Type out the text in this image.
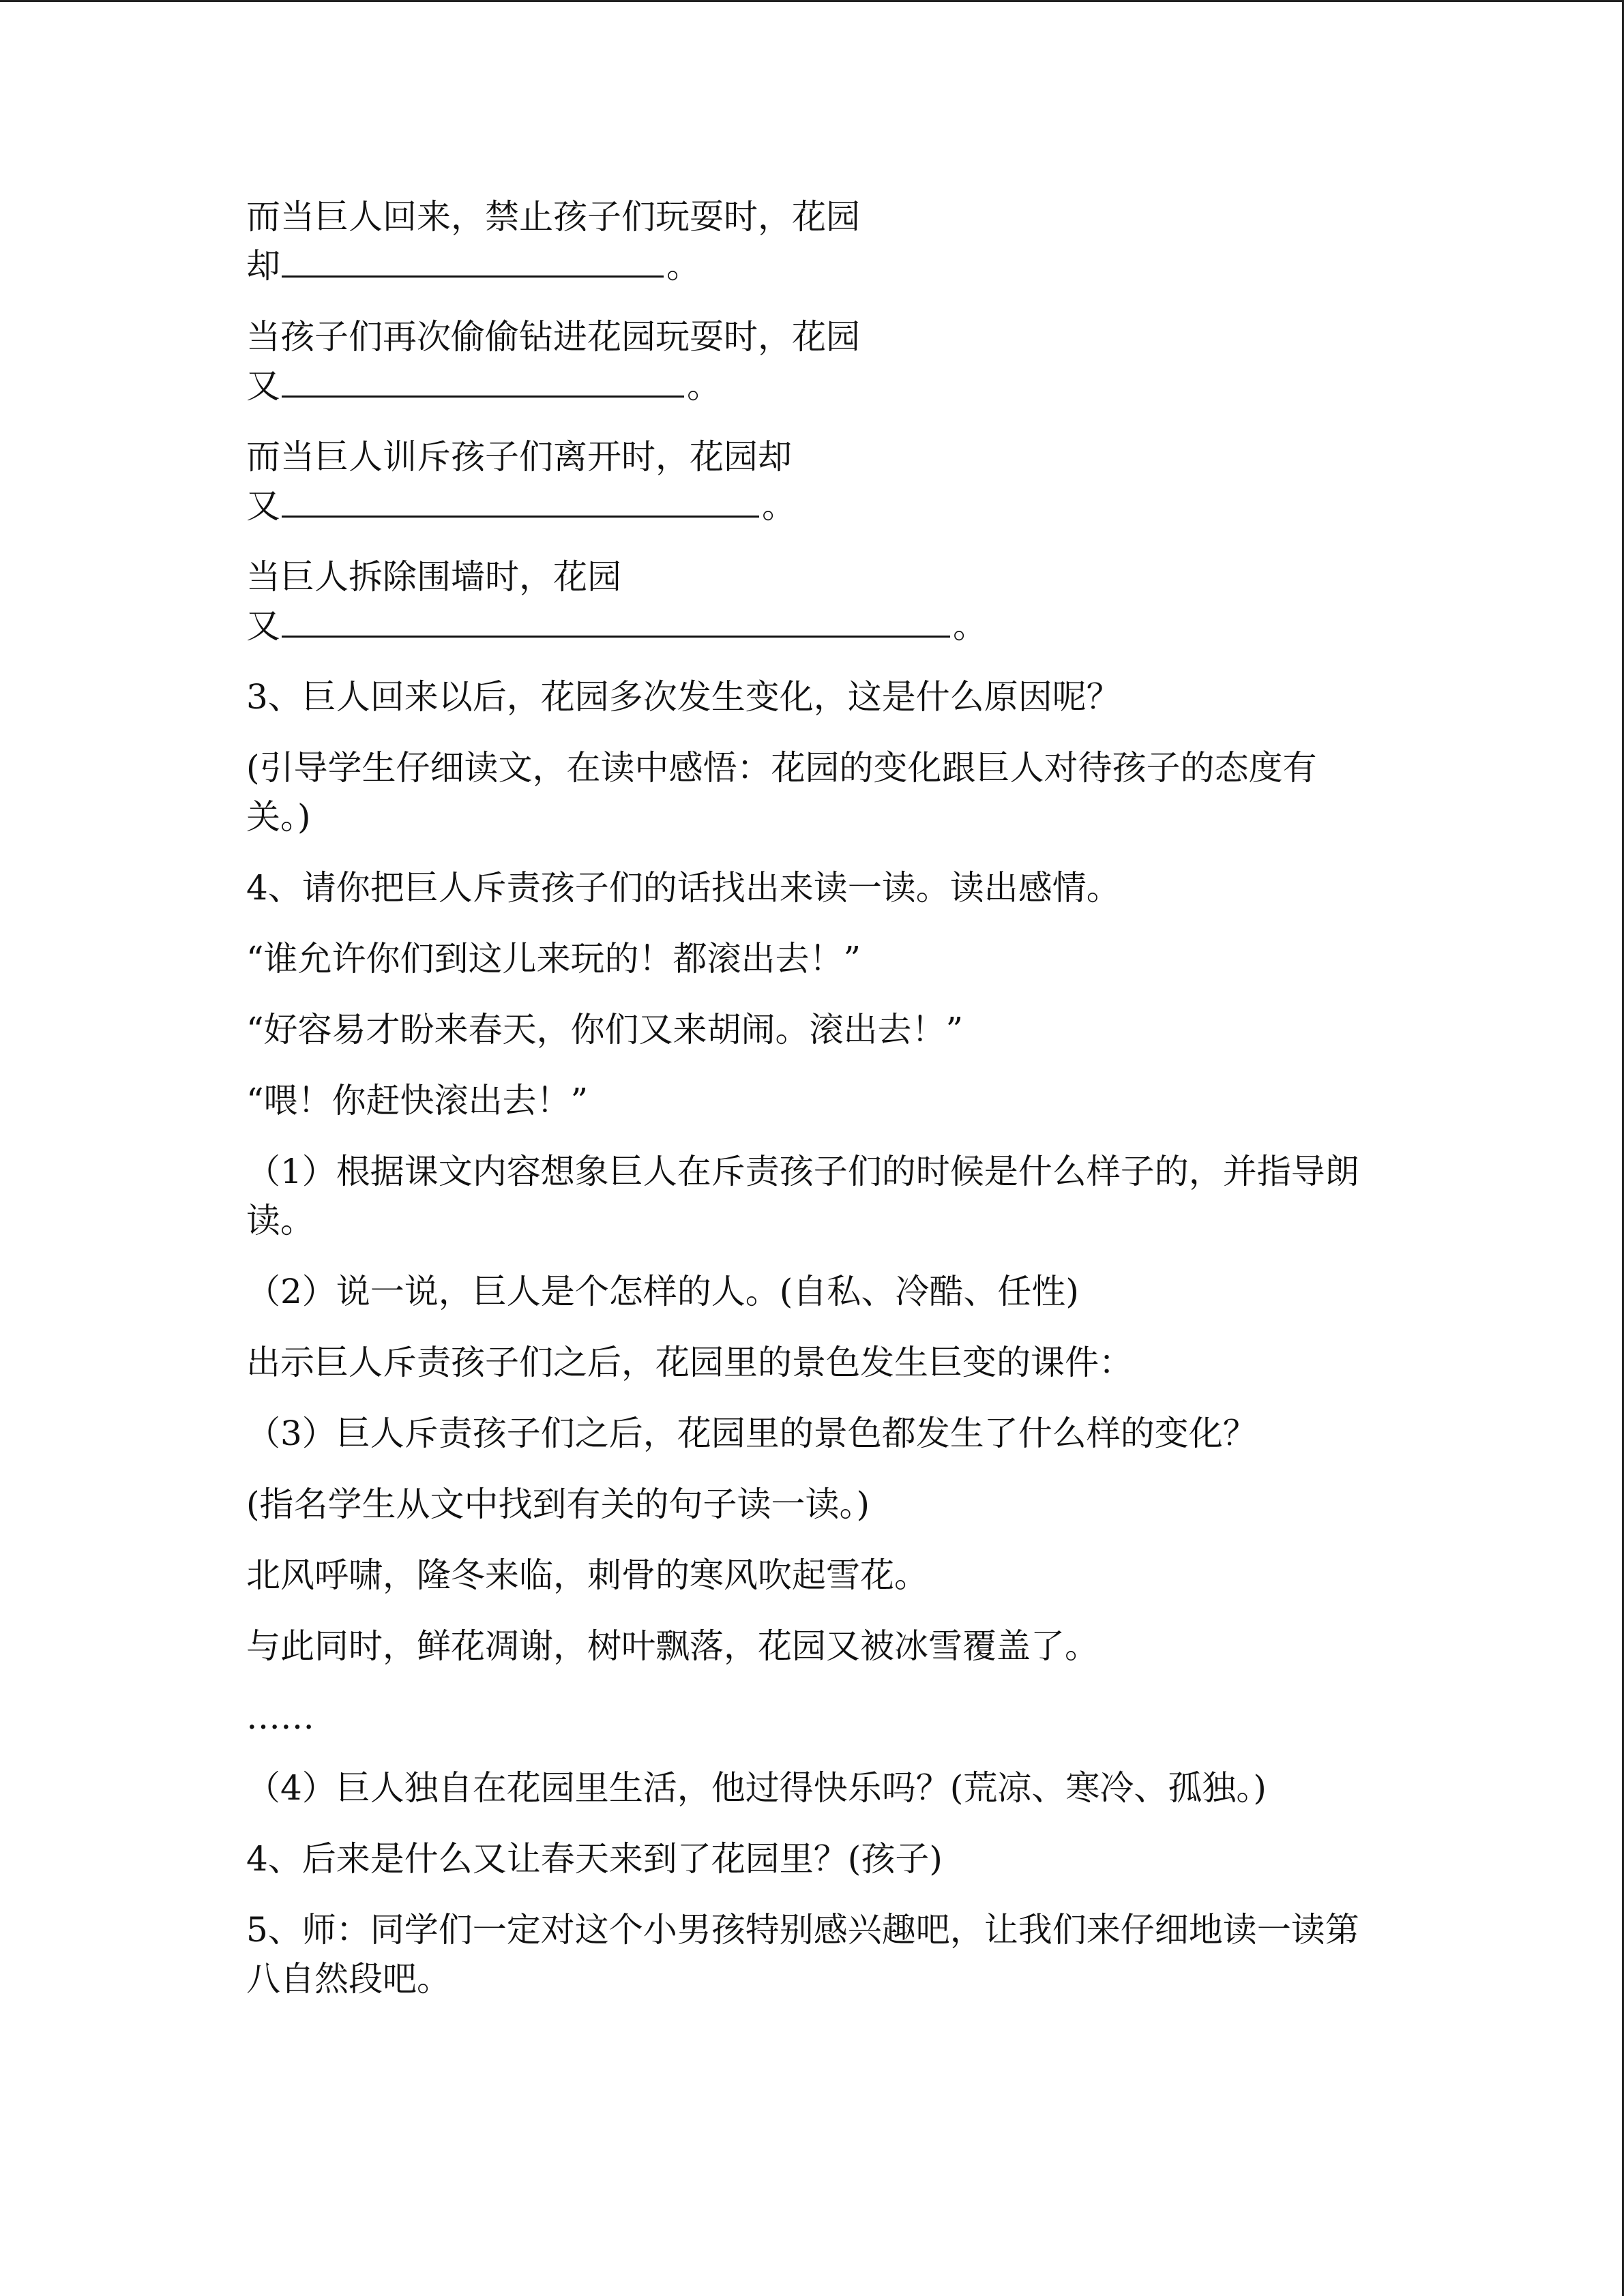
而当巨人回来，禁止孩子们玩耍时，花园
却	。
当孩子们再次偷偷钻进花园玩耍时，花园
又	。
而当巨人训斥孩子们离开时，花园却
又	。
当巨人拆除围墙时，花园
又	。

3、巨人回来以后，花园多次发生变化，这是什么原因呢？

(引导学生仔细读文，在读中感悟：花园的变化跟巨人对待孩子的态度有关。)

4、请你把巨人斥责孩子们的话找出来读一读。读出感情。

“谁允许你们到这儿来玩的！都滚出去！”

“好容易才盼来春天，你们又来胡闹。滚出去！”

“喂！你赶快滚出去！”

（1）根据课文内容想象巨人在斥责孩子们的时候是什么样子的，并指导朗读。

（2）说一说，巨人是个怎样的人。(自私、冷酷、任性)

出示巨人斥责孩子们之后，花园里的景色发生巨变的课件：

（3）巨人斥责孩子们之后，花园里的景色都发生了什么样的变化？

(指名学生从文中找到有关的句子读一读。)

北风呼啸，隆冬来临，刺骨的寒风吹起雪花。

与此同时，鲜花凋谢，树叶飘落，花园又被冰雪覆盖了。

……

（4）巨人独自在花园里生活，他过得快乐吗？(荒凉、寒冷、孤独。)

4、后来是什么又让春天来到了花园里？(孩子)

5、师：同学们一定对这个小男孩特别感兴趣吧，让我们来仔细地读一读第八自然段吧。
